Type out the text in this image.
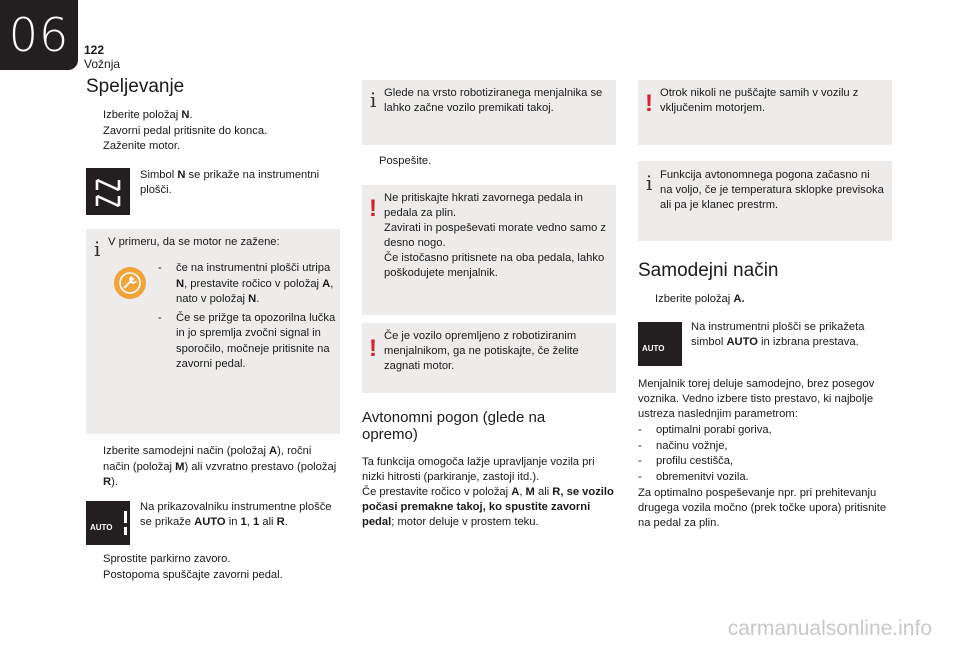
06	122
Vožnja
Speljevanje
Izberite položaj N.
Zavorni pedal pritisnite do konca.
Zaženite motor.
Simbol N se prikaže na instrumentni plošči.
i V primeru, da se motor ne zažene:
- če na instrumentni plošči utripa N, prestavite ročico v položaj A, nato v položaj N.
- Če se prižge ta opozorilna lučka in jo spremlja zvočni signal in sporočilo, močneje pritisnite na zavorni pedal.
Izberite samodejni način (položaj A), ročni način (položaj M) ali vzvratno prestavo (položaj R).
AUTO
Na prikazovalniku instrumentne plošče se prikaže AUTO in 1, 1 ali R.
Sprostite parkirno zavoro.
Postopoma spuščajte zavorni pedal.
i Glede na vrsto robotiziranega menjalnika se lahko začne vozilo premikati takoj.
Pospešite.
! Ne pritiskajte hkrati zavornega pedala in pedala za plin.

Zavirati in pospeševati morate vedno samo z desno nogo.

Če istočasno pritisnete na oba pedala, lahko poškodujete menjalnik.

! Če je vozilo opremljeno z robotiziranim menjalnikom, ga ne potiskajte, če želite zagnati motor.
Avtonomni pogon (glede na opremo)
Ta funkcija omogoča lažje upravljanje vozila pri nizki hitrosti (parkiranje, zastoji itd.).
Če prestavite ročico v položaj A, M ali R, se vozilo počasi premakne takoj, ko spustite zavorni pedal; motor deluje v prostem teku.
! Otrok nikoli ne puščajte samih v vozilu z vključenim motorjem.
i Funkcija avtonomnega pogona začasno ni na voljo, če je temperatura sklopke previsoka ali pa je klanec prestrm.
Samodejni način
Izberite položaj A.
AUTO
Na instrumentni plošči se prikažeta simbol AUTO in izbrana prestava.
Menjalnik torej deluje samodejno, brez posegov voznika. Vedno izbere tisto prestavo, ki najbolje ustreza naslednjim parametrom:
- optimalni porabi goriva,
- načinu vožnje,
- profilu cestišča,
- obremenitvi vozila.
Za optimalno pospeševanje npr. pri prehitevanju drugega vozila močno (prek točke upora) pritisnite na pedal za plin.
carmanualsonline.info
